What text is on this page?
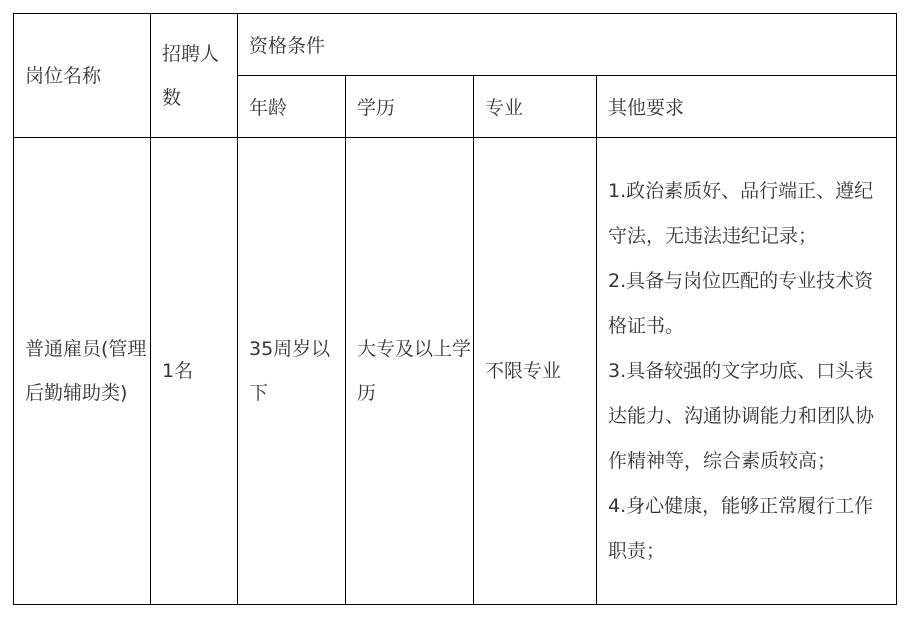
岗位名称	招聘人数	资格条件			
		年龄	学历	专业	其他要求
普通雇员(管理后勤辅助类)	1名	35周岁以下	大专及以上学历	不限专业	1.政治素质好、品行端正、遵纪守法，无违法违纪记录；
2.具备与岗位匹配的专业技术资格证书。
3.具备较强的文字功底、口头表达能力、沟通协调能力和团队协作精神等，综合素质较高；
4.身心健康，能够正常履行工作职责；
